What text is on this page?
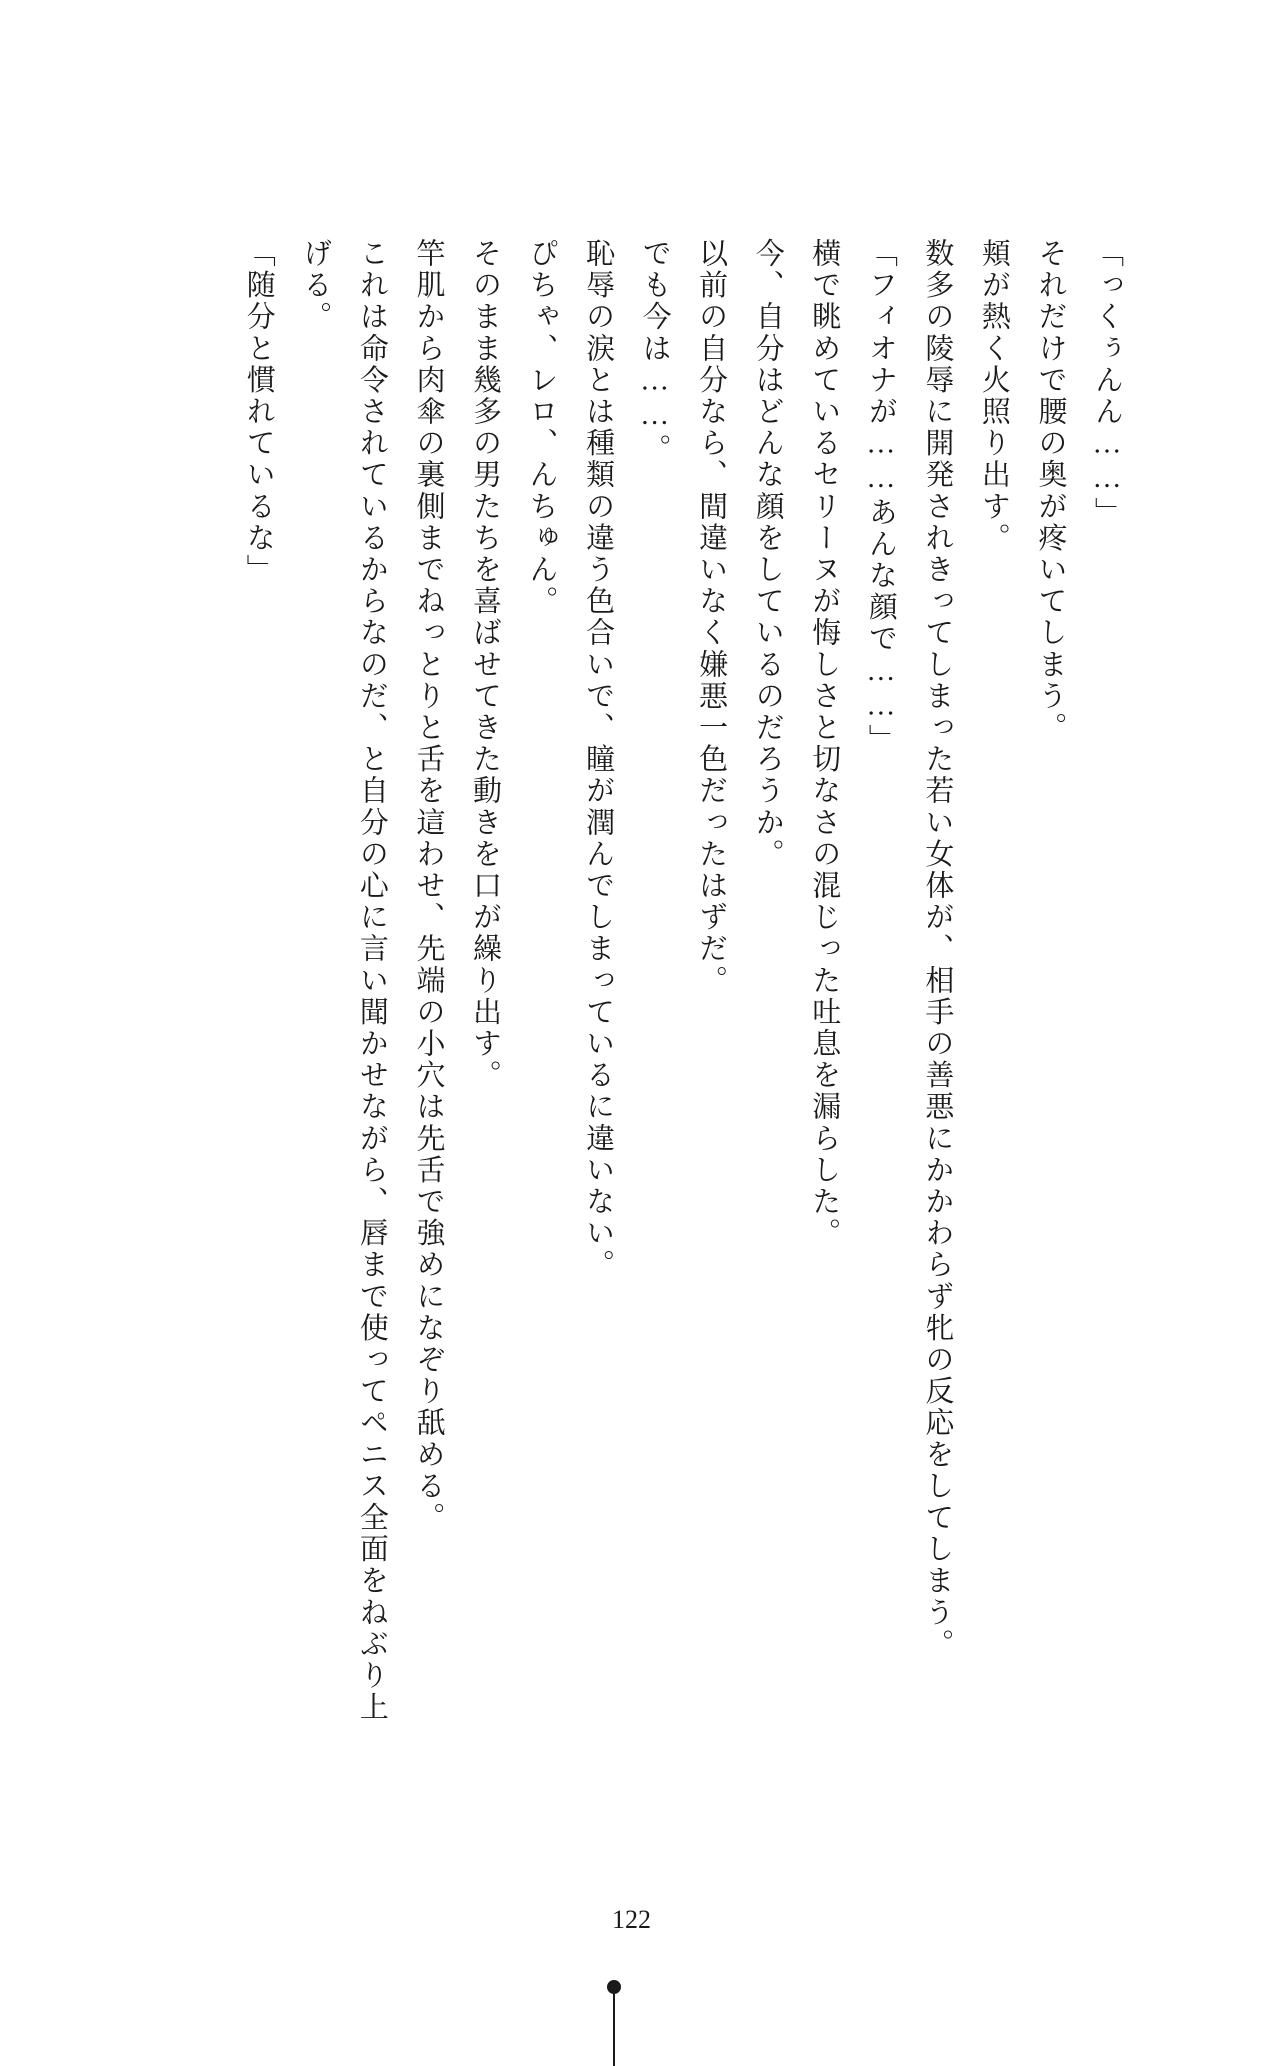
「っくぅんん……」

それだけで腰の奥が疼いてしまう。

頬が熱く火照り出す。

数多の陵辱に開発されきってしまった若い女体が、相手の善悪にかかわらず牝の反応をしてしまう。

「フィオナが……あんな顔で……」

横で眺めているセリーヌが悔しさと切なさの混じった吐息を漏らした。

今、自分はどんな顔をしているのだろうか。

以前の自分なら、間違いなく嫌悪一色だったはずだ。

でも今は……。

恥辱の涙とは種類の違う色合いで、瞳が潤んでしまっているに違いない。

ぴちゃ、レロ、んちゅん。

そのまま幾多の男たちを喜ばせてきた動きを口が繰り出す。

竿肌から肉傘の裏側までねっとりと舌を這わせ、先端の小穴は先舌で強めになぞり舐める。

これは命令されているからなのだ、と自分の心に言い聞かせながら、唇まで使ってペニス全面をねぶり上げる。

「随分と慣れているな」

122
